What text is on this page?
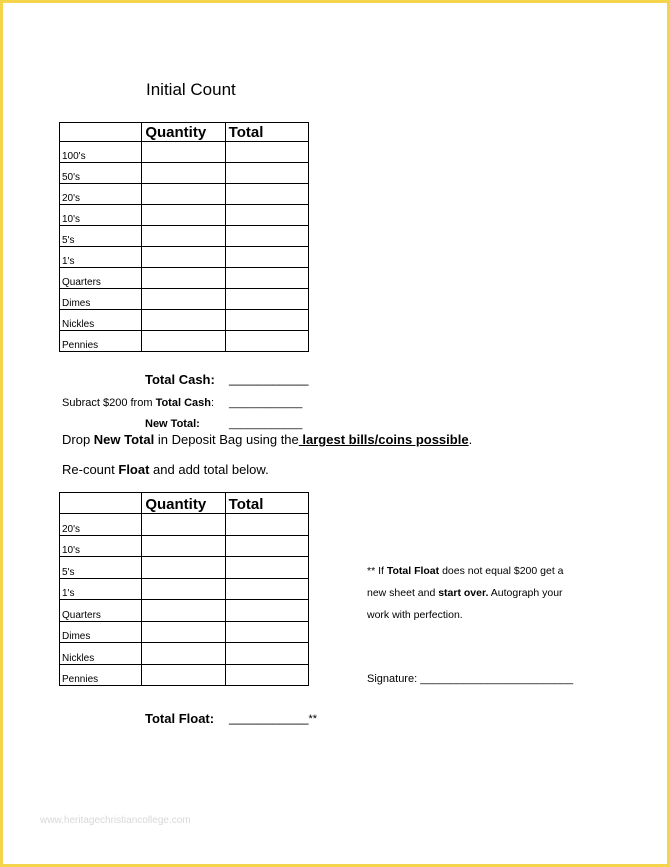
Initial Count
	Quantity	Total
100's		
50's		
20's		
10's		
5's		
1's		
Quarters		
Dimes		
Nickles		
Pennies		
Total Cash: ___________
Subract $200 from Total Cash: ____________
New Total:	____________
Drop New Total in Deposit Bag using the largest bills/coins possible.
Re-count Float and add total below.
	Quantity	Total
20's		
10's		
5's		
1's		
Quarters		
Dimes		
Nickles		
Pennies		
** If Total Float does not equal $200 get a
new sheet and start over. Autograph your
work with perfection.
Signature: _________________________
Total Float: ___________**
www.heritagechristiancollege.com
